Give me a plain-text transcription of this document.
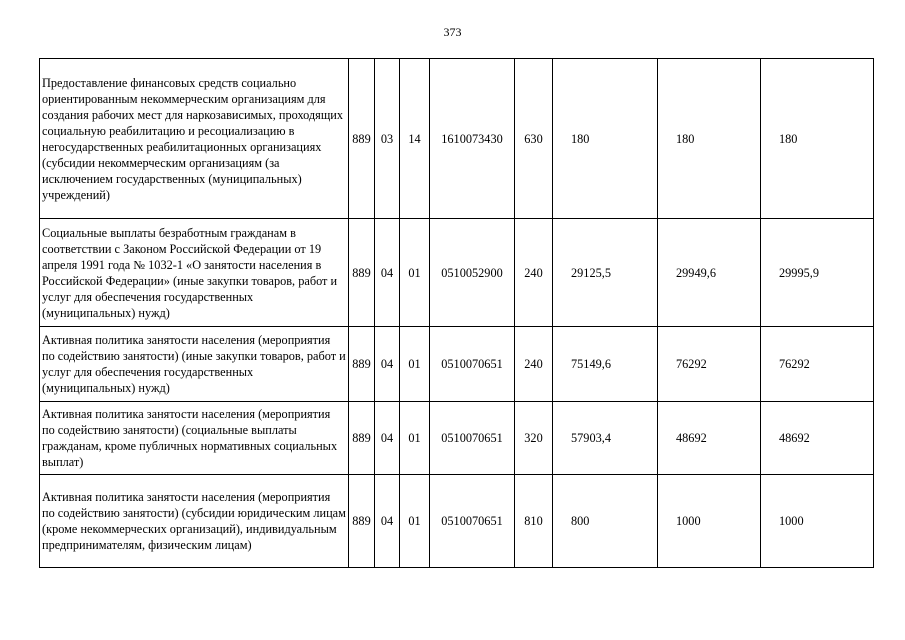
373
Предоставление финансовых средств социально ориентированным некоммерческим организациям для создания рабочих мест для наркозависимых, проходящих социальную реабилитацию и ресоциализацию в негосударственных реабилитационных организациях (субсидии некоммерческим организациям (за исключением государственных (муниципальных) учреждений)	889	03	14	1610073430	630	180	180	180
Социальные выплаты безработным гражданам в соответствии с Законом Российской Федерации от 19 апреля 1991 года № 1032-1 «О занятости населения в Российской Федерации» (иные закупки товаров, работ и услуг для обеспечения государственных (муниципальных) нужд)	889	04	01	0510052900	240	29125,5	29949,6	29995,9
Активная политика занятости населения (мероприятия по содействию занятости) (иные закупки товаров, работ и услуг для обеспечения государственных (муниципальных) нужд)	889	04	01	0510070651	240	75149,6	76292	76292
Активная политика занятости населения (мероприятия по содействию занятости) (социальные выплаты гражданам, кроме публичных нормативных социальных выплат)	889	04	01	0510070651	320	57903,4	48692	48692
Активная политика занятости населения (мероприятия по содействию занятости) (субсидии юридическим лицам (кроме некоммерческих организаций), индивидуальным предпринимателям, физическим лицам)	889	04	01	0510070651	810	800	1000	1000
